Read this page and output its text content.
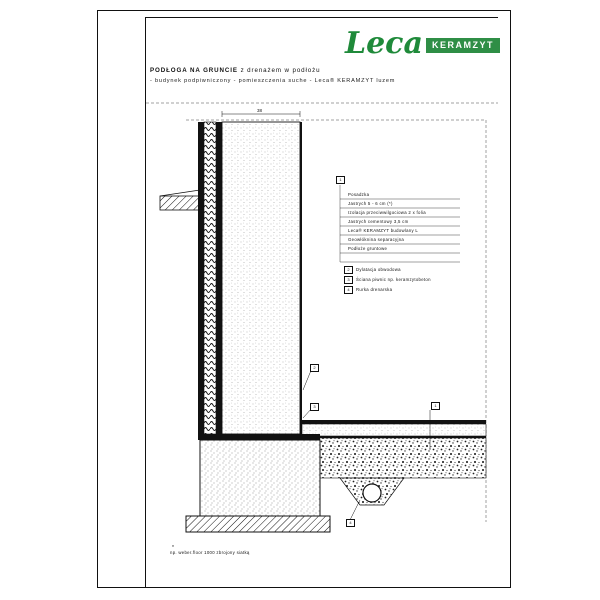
Leca	KERAMZYT
PODŁOGA NA GRUNCIE z drenażem w podłożu
- budynek podpiwniczony - pomieszczenia suche - Leca® KERAMZYT luzem
38
2
3	1
4
1
Posadzka
Jastrych 5 - 6 cm (*)
Izolacja przeciwwilgociowa 2 x folia
Jastrych cementowy 3,5 cm
Leca® KERAMZYT budowlany L
Geowłóknina separacyjna
Podłoże gruntowe
2	Dylatacja obwodowa
3	Ściana piwnic np. keramzytobeton
4	Rurka drenarska
*
np. weber.floor 1000 zbrojony siatką
